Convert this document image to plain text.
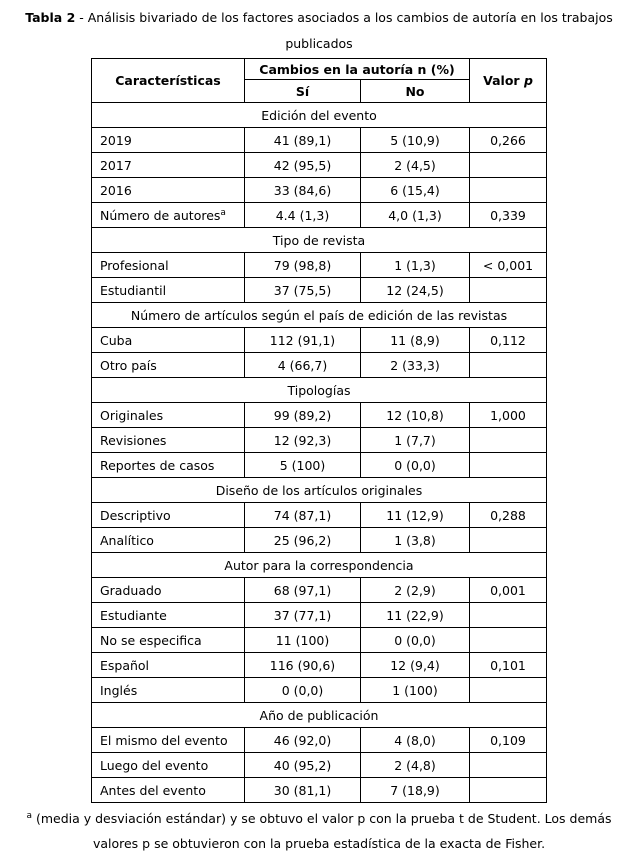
Tabla 2 - Análisis bivariado de los factores asociados a los cambios de autoría en los trabajos publicados
Características	Cambios en la autoría n (%)		Valor p
	Sí	No	
Edición del evento			
2019	41 (89,1)	5 (10,9)	0,266
2017	42 (95,5)	2 (4,5)	
2016	33 (84,6)	6 (15,4)	
Número de autores$^a$	4.4 (1,3)	4,0 (1,3)	0,339
Tipo de revista			
Profesional	79 (98,8)	1 (1,3)	< 0,001
Estudiantil	37 (75,5)	12 (24,5)	
Número de artículos según el país de edición de las revistas			
Cuba	112 (91,1)	11 (8,9)	0,112
Otro país	4 (66,7)	2 (33,3)	
Tipologías			
Originales	99 (89,2)	12 (10,8)	1,000
Revisiones	12 (92,3)	1 (7,7)	
Reportes de casos	5 (100)	0 (0,0)	
Diseño de los artículos originales			
Descriptivo	74 (87,1)	11 (12,9)	0,288
Analítico	25 (96,2)	1 (3,8)	
Autor para la correspondencia			
Graduado	68 (97,1)	2 (2,9)	0,001
Estudiante	37 (77,1)	11 (22,9)	
No se especifica	11 (100)	0 (0,0)	
Español	116 (90,6)	12 (9,4)	0,101
Inglés	0 (0,0)	1 (100)	
Año de publicación			
El mismo del evento	46 (92,0)	4 (8,0)	0,109
Luego del evento	40 (95,2)	2 (4,8)	
Antes del evento	30 (81,1)	7 (18,9)	
$^a$ (media y desviación estándar) y se obtuvo el valor p con la prueba t de Student. Los demás valores p se obtuvieron con la prueba estadística de la exacta de Fisher.
